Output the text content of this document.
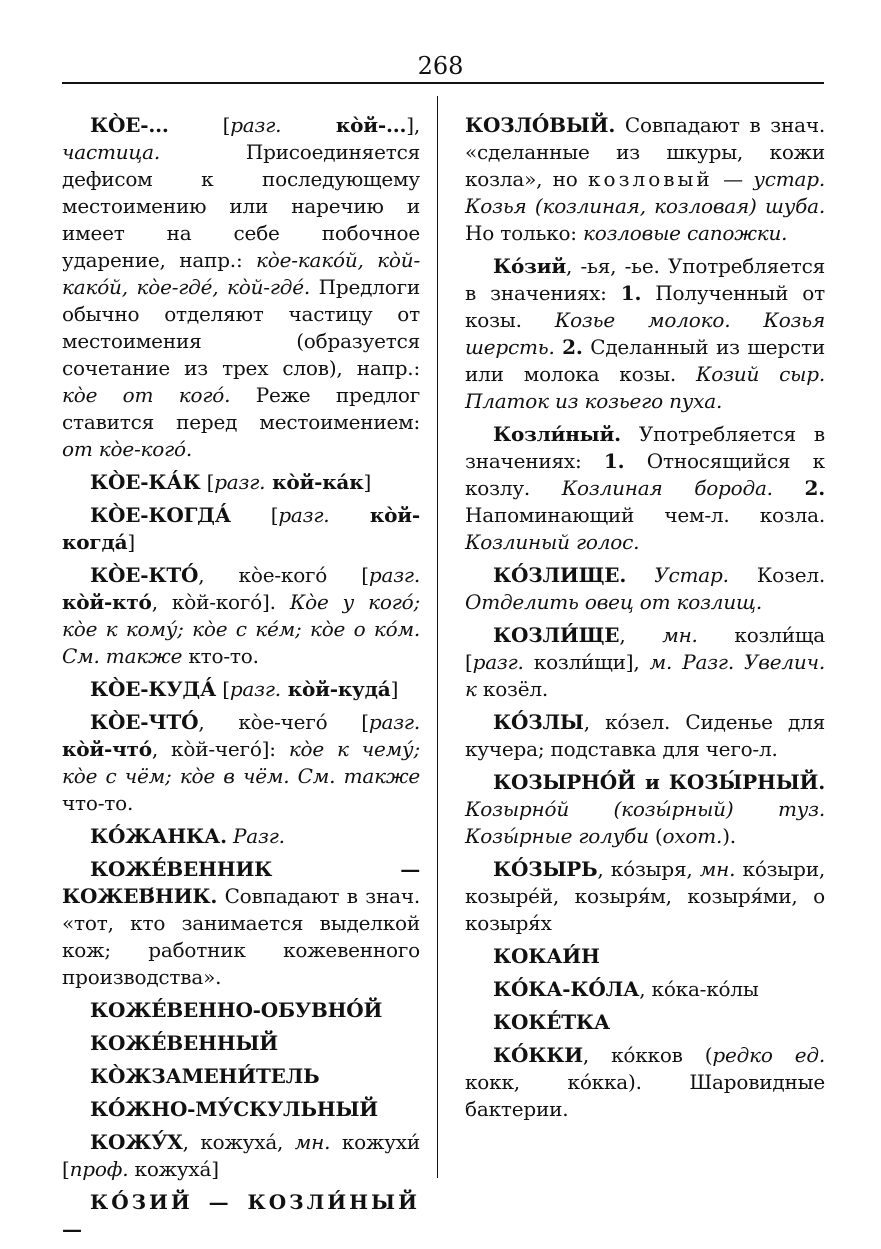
268

КО̀Е-... [разг. ко̀й-...], частица. Присоединяется дефисом к последующему местоимению или наречию и имеет на себе побочное ударение, напр.: ко̀е-како́й, ко̀й-како́й, ко̀е-где́, ко̀й-где́. Предлоги обычно отделяют частицу от местоимения (образуется сочетание из трех слов), напр.: ко̀е от кого́. Реже предлог ставится перед местоимением: от ко̀е-кого́.

КО̀Е-КА́К [разг. ко̀й-ка́к]

КО̀Е-КОГДА́ [разг. ко̀й-когда́]

КО̀Е-КТО́, ко̀е-кого́ [разг. ко̀й-кто́, ко̀й-кого́]. Ко̀е у кого́; ко̀е к кому́; ко̀е с ке́м; ко̀е о ко́м. См. также кто-то.

КО̀Е-КУДА́ [разг. ко̀й-куда́]

КО̀Е-ЧТО́, ко̀е-чего́ [разг. ко̀й-что́, ко̀й-чего́]: ко̀е к чему́; ко̀е с чём; ко̀е в чём. См. также что-то.

КО́ЖАНКА. Разг.

КОЖЕ́ВЕННИК — КОЖЕВ́НИК. Совпадают в знач. «тот, кто занимается выделкой кож; работник кожевенного производства».

КОЖЕ́ВЕННО-ОБУВНО́Й

КОЖЕ́ВЕННЫЙ

КО̀ЖЗАМЕНИ́ТЕЛЬ

КО́ЖНО-МУ́СКУЛЬНЫЙ

КОЖУ́Х, кожуха́, мн. кожухи́ [проф. кожуха́]

КО́ЗИЙ — КОЗЛИ́НЫЙ —

КОЗЛО́ВЫЙ. Совпадают в знач. «сделанные из шкуры, кожи козла», но козловый — устар. Козья (козлиная, козловая) шуба. Но только: козловые сапожки.

Ко́зий, -ья, -ье. Употребляется в значениях: 1. Полученный от козы. Козье молоко. Козья шерсть. 2. Сделанный из шерсти или молока козы. Козий сыр. Платок из козьего пуха.

Козли́ный. Употребляется в значениях: 1. Относящийся к козлу. Козлиная борода. 2. Напоминающий чем-л. козла. Козлиный голос.

КО́ЗЛИЩЕ. Устар. Козел. Отделить овец от козлищ.

КОЗЛИ́ЩЕ, мн. козли́ща [разг. козли́щи], м. Разг. Увелич. к козёл.

КО́ЗЛЫ, ко́зел. Сиденье для кучера; подставка для чего-л.

КОЗЫРНО́Й и КОЗЫ́РНЫЙ. Козырно́й (козы́рный) туз. Козы́рные голуби (охот.).

КО́ЗЫРЬ, ко́зыря, мн. ко́зыри, козыре́й, козыря́м, козыря́ми, о козыря́х

КОКАИ́Н

КО́КА-КО́ЛА, ко́ка-ко́лы

КОКЕ́ТКА

КО́ККИ, ко́кков (редко ед. кокк, ко́кка). Шаровидные бактерии.
